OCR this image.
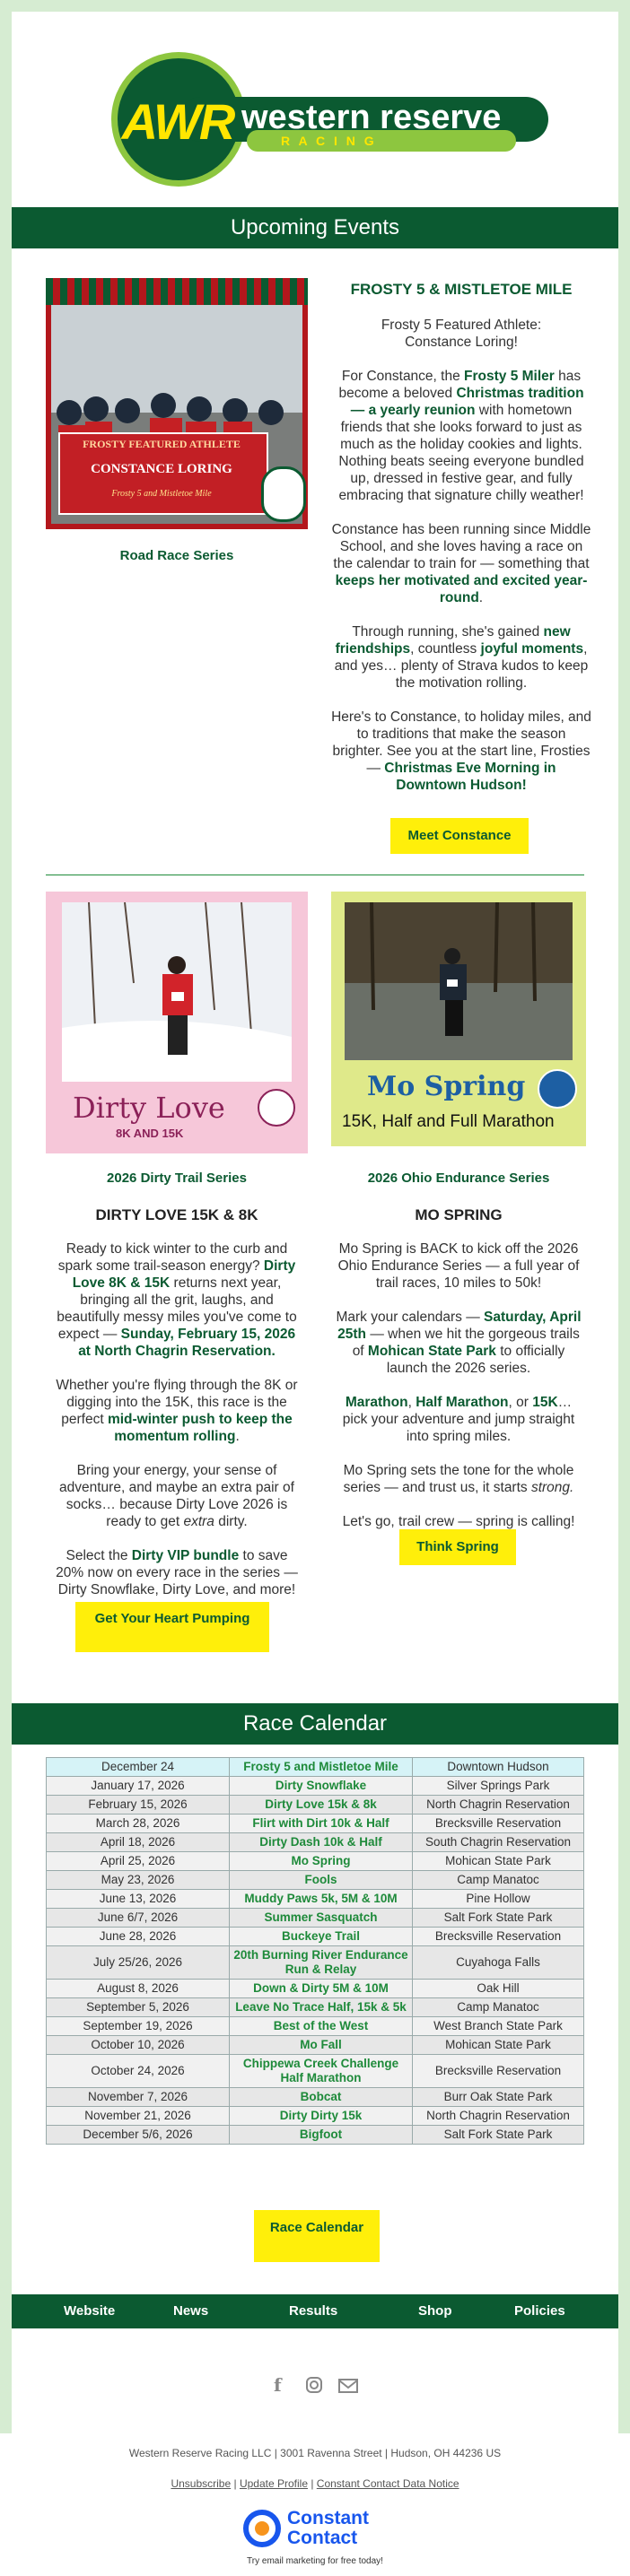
AWR western reserve
R A C I N G
Upcoming Events
FROSTY FEATURED ATHLETE
CONSTANCE LORING
Frosty 5 and Mistletoe Mile
Road Race Series
FROSTY 5 & MISTLETOE MILE

Frosty 5 Featured Athlete:

Constance Loring!

For Constance, the Frosty 5 Miler has become a beloved Christmas tradition — a yearly reunion with hometown friends that she looks forward to just as much as the holiday cookies and lights. Nothing beats seeing everyone bundled up, dressed in festive gear, and fully embracing that signature chilly weather!

Constance has been running since Middle School, and she loves having a race on the calendar to train for — something that keeps her motivated and excited year-round.

Through running, she's gained new friendships, countless joyful moments, and yes… plenty of Strava kudos to keep the motivation rolling.

Here's to Constance, to holiday miles, and to traditions that make the season brighter. See you at the start line, Frosties — Christmas Eve Morning in Downtown Hudson!

Meet Constance
Dirty Love
8K AND 15K
2026 Dirty Trail Series
DIRTY LOVE 15K & 8K

Ready to kick winter to the curb and spark some trail-season energy? Dirty Love 8K & 15K returns next year, bringing all the grit, laughs, and beautifully messy miles you've come to expect — Sunday, February 15, 2026 at North Chagrin Reservation.

Whether you're flying through the 8K or digging into the 15K, this race is the perfect mid-winter push to keep the momentum rolling.

Bring your energy, your sense of adventure, and maybe an extra pair of socks… because Dirty Love 2026 is ready to get extra dirty.

Select the Dirty VIP bundle to save 20% now on every race in the series — Dirty Snowflake, Dirty Love, and more!

Get Your Heart Pumping
Mo Spring
15K, Half and Full Marathon
2026 Ohio Endurance Series
MO SPRING

Mo Spring is BACK to kick off the 2026 Ohio Endurance Series — a full year of trail races, 10 miles to 50k!

Mark your calendars — Saturday, April 25th — when we hit the gorgeous trails of Mohican State Park to officially launch the 2026 series.

Marathon, Half Marathon, or 15K… pick your adventure and jump straight into spring miles.

Mo Spring sets the tone for the whole series — and trust us, it starts strong.

Let's go, trail crew — spring is calling!

Think Spring
Race Calendar
December 24	Frosty 5 and Mistletoe Mile	Downtown Hudson
January 17, 2026	Dirty Snowflake	Silver Springs Park
February 15, 2026	Dirty Love 15k & 8k	North Chagrin Reservation
March 28, 2026	Flirt with Dirt 10k & Half	Brecksville Reservation
April 18, 2026	Dirty Dash 10k & Half	South Chagrin Reservation
April 25, 2026	Mo Spring	Mohican State Park
May 23, 2026	Fools	Camp Manatoc
June 13, 2026	Muddy Paws 5k, 5M & 10M	Pine Hollow
June 6/7, 2026	Summer Sasquatch	Salt Fork State Park
June 28, 2026	Buckeye Trail	Brecksville Reservation
July 25/26, 2026	20th Burning River Endurance Run & Relay	Cuyahoga Falls
August 8, 2026	Down & Dirty 5M & 10M	Oak Hill
September 5, 2026	Leave No Trace Half, 15k & 5k	Camp Manatoc
September 19, 2026	Best of the West	West Branch State Park
October 10, 2026	Mo Fall	Mohican State Park
October 24, 2026	Chippewa Creek Challenge Half Marathon	Brecksville Reservation
November 7, 2026	Bobcat	Burr Oak State Park
November 21, 2026	Dirty Dirty 15k	North Chagrin Reservation
December 5/6, 2026	Bigfoot	Salt Fork State Park
Race Calendar
Website	News	Results	Shop	Policies
f
Western Reserve Racing LLC | 3001 Ravenna Street | Hudson, OH 44236 US
Unsubscribe | Update Profile | Constant Contact Data Notice
Constant
Contact
Try email marketing for free today!
